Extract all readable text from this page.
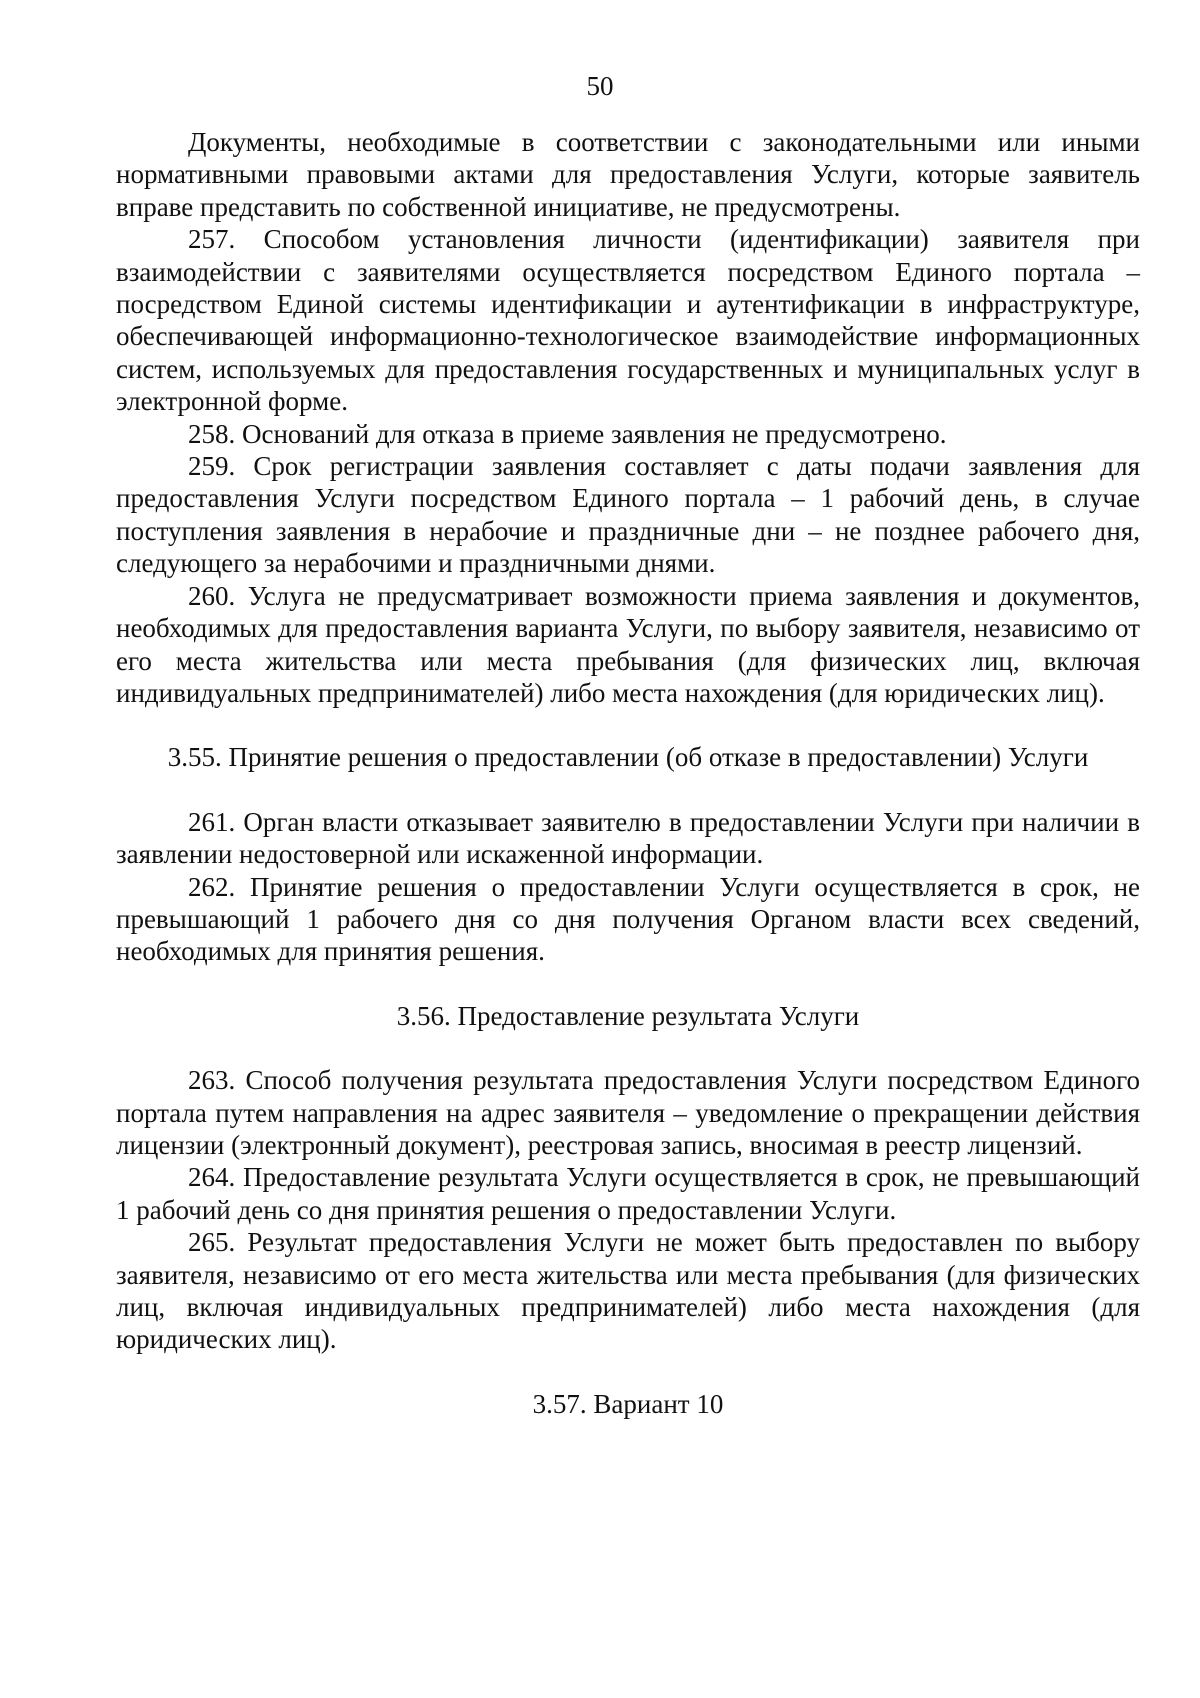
50

Документы, необходимые в соответствии с законодательными или иными нормативными правовыми актами для предоставления Услуги, которые заявитель вправе представить по собственной инициативе, не предусмотрены.

257. Способом установления личности (идентификации) заявителя при взаимодействии с заявителями осуществляется посредством Единого портала – посредством Единой системы идентификации и аутентификации в инфраструктуре, обеспечивающей информационно-технологическое взаимодействие информационных систем, используемых для предоставления государственных и муниципальных услуг в электронной форме.

258. Оснований для отказа в приеме заявления не предусмотрено.

259. Срок регистрации заявления составляет с даты подачи заявления для предоставления Услуги посредством Единого портала – 1 рабочий день, в случае поступления заявления в нерабочие и праздничные дни – не позднее рабочего дня, следующего за нерабочими и праздничными днями.

260. Услуга не предусматривает возможности приема заявления и документов, необходимых для предоставления варианта Услуги, по выбору заявителя, независимо от его места жительства или места пребывания (для физических лиц, включая индивидуальных предпринимателей) либо места нахождения (для юридических лиц).

3.55. Принятие решения о предоставлении (об отказе в предоставлении) Услуги

261. Орган власти отказывает заявителю в предоставлении Услуги при наличии в заявлении недостоверной или искаженной информации.

262. Принятие решения о предоставлении Услуги осуществляется в срок, не превышающий 1 рабочего дня со дня получения Органом власти всех сведений, необходимых для принятия решения.

3.56. Предоставление результата Услуги

263. Способ получения результата предоставления Услуги посредством Единого портала путем направления на адрес заявителя – уведомление о прекращении действия лицензии (электронный документ), реестровая запись, вносимая в реестр лицензий.

264. Предоставление результата Услуги осуществляется в срок, не превышающий 1 рабочий день со дня принятия решения о предоставлении Услуги.

265. Результат предоставления Услуги не может быть предоставлен по выбору заявителя, независимо от его места жительства или места пребывания (для физических лиц, включая индивидуальных предпринимателей) либо места нахождения (для юридических лиц).

3.57. Вариант 10
